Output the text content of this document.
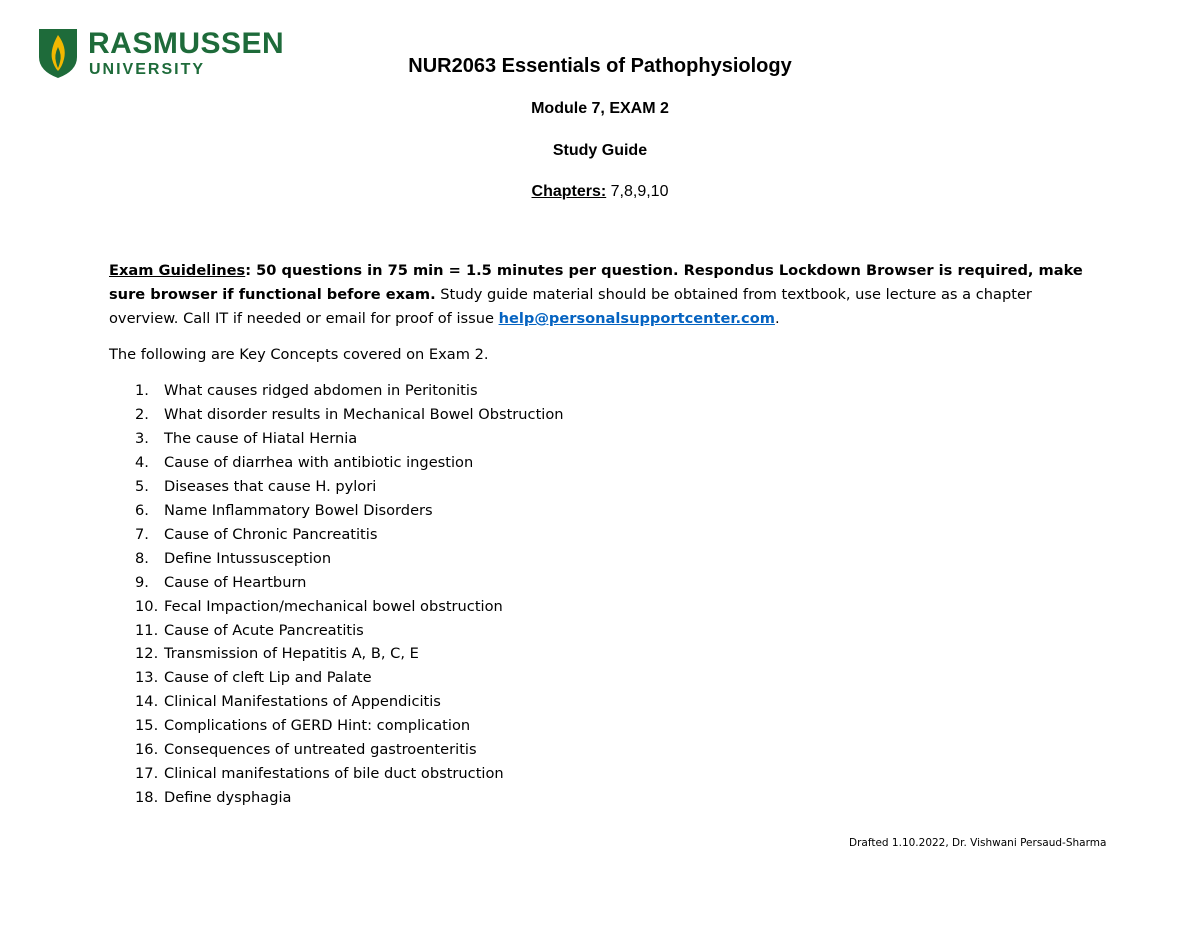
RASMUSSEN
UNIVERSITY	NUR2063 Essentials of Pathophysiology
Module 7, EXAM 2
Study Guide
Chapters: 7,8,9,10
Exam Guidelines: 50 questions in 75 min = 1.5 minutes per question. Respondus Lockdown Browser is required, make sure browser if functional before exam. Study guide material should be obtained from textbook, use lecture as a chapter overview. Call IT if needed or email for proof of issue help@personalsupportcenter.com.
The following are Key Concepts covered on Exam 2.
1.	What causes ridged abdomen in Peritonitis
2.	What disorder results in Mechanical Bowel Obstruction
3.	The cause of Hiatal Hernia
4.	Cause of diarrhea with antibiotic ingestion
5.	Diseases that cause H. pylori
6.	Name Inflammatory Bowel Disorders
7.	Cause of Chronic Pancreatitis
8.	Define Intussusception
9.	Cause of Heartburn
10. Fecal Impaction/mechanical bowel obstruction
11. Cause of Acute Pancreatitis
12. Transmission of Hepatitis A, B, C, E
13. Cause of cleft Lip and Palate
14. Clinical Manifestations of Appendicitis
15. Complications of GERD Hint: complication
16. Consequences of untreated gastroenteritis
17. Clinical manifestations of bile duct obstruction
18. Define dysphagia
Drafted 1.10.2022, Dr. Vishwani Persaud-Sharma
